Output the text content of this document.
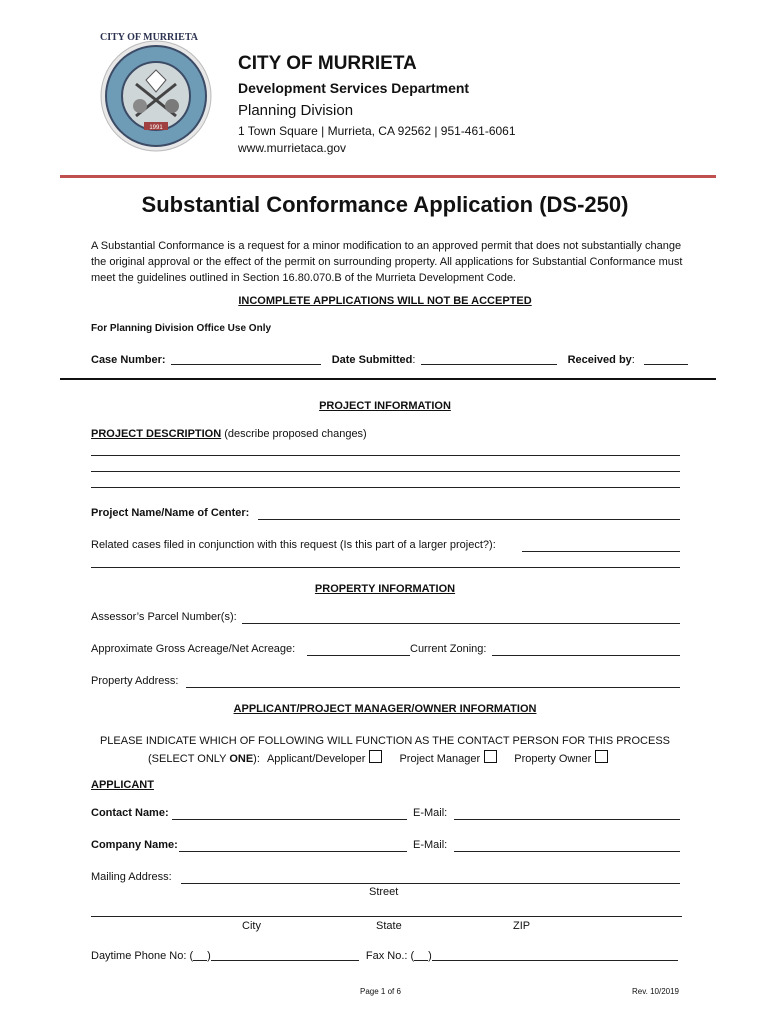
CITY OF MURRIETA
1991
CITY OF MURRIETA
Development Services Department
Planning Division
1 Town Square | Murrieta, CA 92562 | 951-461-6061
www.murrietaca.gov
Substantial Conformance Application (DS-250)
A Substantial Conformance is a request for a minor modification to an approved permit that does not substantially change the original approval or the effect of the permit on surrounding property. All applications for Substantial Conformance must meet the guidelines outlined in Section 16.80.070.B of the Murrieta Development Code.
INCOMPLETE APPLICATIONS WILL NOT BE ACCEPTED
For Planning Division Office Use Only
Case Number:	Date Submitted:	Received by:
PROJECT INFORMATION
PROJECT DESCRIPTION (describe proposed changes)
Project Name/Name of Center:
Related cases filed in conjunction with this request (Is this part of a larger project?):
PROPERTY INFORMATION
Assessor’s Parcel Number(s):
Approximate Gross Acreage/Net Acreage:	Current Zoning:
Property Address:
APPLICANT/PROJECT MANAGER/OWNER INFORMATION
PLEASE INDICATE WHICH OF FOLLOWING WILL FUNCTION AS THE CONTACT PERSON FOR THIS PROCESS
(SELECT ONLY ONE): Applicant/Developer	Project Manager	Property Owner
APPLICANT
Contact Name:	E-Mail:
Company Name:	E-Mail:
Mailing Address:
Street
City	State	ZIP
Daytime Phone No: ( )	Fax No.: ( )
Page 1 of 6	Rev. 10/2019
